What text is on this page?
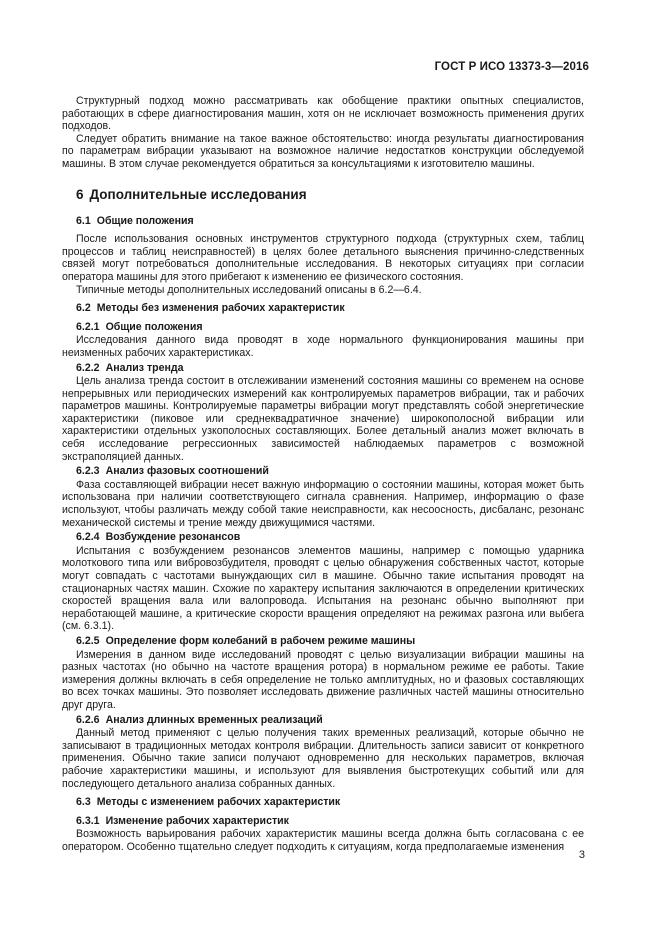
ГОСТ Р ИСО 13373-3—2016

Структурный подход можно рассматривать как обобщение практики опытных специалистов, работающих в сфере диагностирования машин, хотя он не исключает возможность применения других подходов.

Следует обратить внимание на такое важное обстоятельство: иногда результаты диагностирования по параметрам вибрации указывают на возможное наличие недостатков конструкции обследуемой машины. В этом случае рекомендуется обратиться за консультациями к изготовителю машины.

6 Дополнительные исследования
6.1 Общие положения

После использования основных инструментов структурного подхода (структурных схем, таблиц процессов и таблиц неисправностей) в целях более детального выяснения причинно-следственных связей могут потребоваться дополнительные исследования. В некоторых ситуациях при согласии оператора машины для этого прибегают к изменению ее физического состояния.

Типичные методы дополнительных исследований описаны в 6.2—6.4.

6.2 Методы без изменения рабочих характеристик
6.2.1 Общие положения

Исследования данного вида проводят в ходе нормального функционирования машины при неизменных рабочих характеристиках.

6.2.2 Анализ тренда

Цель анализа тренда состоит в отслеживании изменений состояния машины со временем на основе непрерывных или периодических измерений как контролируемых параметров вибрации, так и рабочих параметров машины. Контролируемые параметры вибрации могут представлять собой энергетические характеристики (пиковое или среднеквадратичное значение) широкополосной вибрации или характеристики отдельных узкополосных составляющих. Более детальный анализ может включать в себя исследование регрессионных зависимостей наблюдаемых параметров с возможной экстраполяцией данных.

6.2.3 Анализ фазовых соотношений

Фаза составляющей вибрации несет важную информацию о состоянии машины, которая может быть использована при наличии соответствующего сигнала сравнения. Например, информацию о фазе используют, чтобы различать между собой такие неисправности, как несоосность, дисбаланс, резонанс механической системы и трение между движущимися частями.

6.2.4 Возбуждение резонансов

Испытания с возбуждением резонансов элементов машины, например с помощью ударника молоткового типа или вибровозбудителя, проводят с целью обнаружения собственных частот, которые могут совпадать с частотами вынуждающих сил в машине. Обычно такие испытания проводят на стационарных частях машин. Схожие по характеру испытания заключаются в определении критических скоростей вращения вала или валопровода. Испытания на резонанс обычно выполняют при неработающей машине, а критические скорости вращения определяют на режимах разгона или выбега (см. 6.3.1).

6.2.5 Определение форм колебаний в рабочем режиме машины

Измерения в данном виде исследований проводят с целью визуализации вибрации машины на разных частотах (но обычно на частоте вращения ротора) в нормальном режиме ее работы. Такие измерения должны включать в себя определение не только амплитудных, но и фазовых составляющих во всех точках машины. Это позволяет исследовать движение различных частей машины относительно друг друга.

6.2.6 Анализ длинных временных реализаций

Данный метод применяют с целью получения таких временных реализаций, которые обычно не записывают в традиционных методах контроля вибрации. Длительность записи зависит от конкретного применения. Обычно такие записи получают одновременно для нескольких параметров, включая рабочие характеристики машины, и используют для выявления быстротекущих событий или для последующего детального анализа собранных данных.

6.3 Методы с изменением рабочих характеристик
6.3.1 Изменение рабочих характеристик

Возможность варьирования рабочих характеристик машины всегда должна быть согласована с ее оператором. Особенно тщательно следует подходить к ситуациям, когда предполагаемые изменения

3
